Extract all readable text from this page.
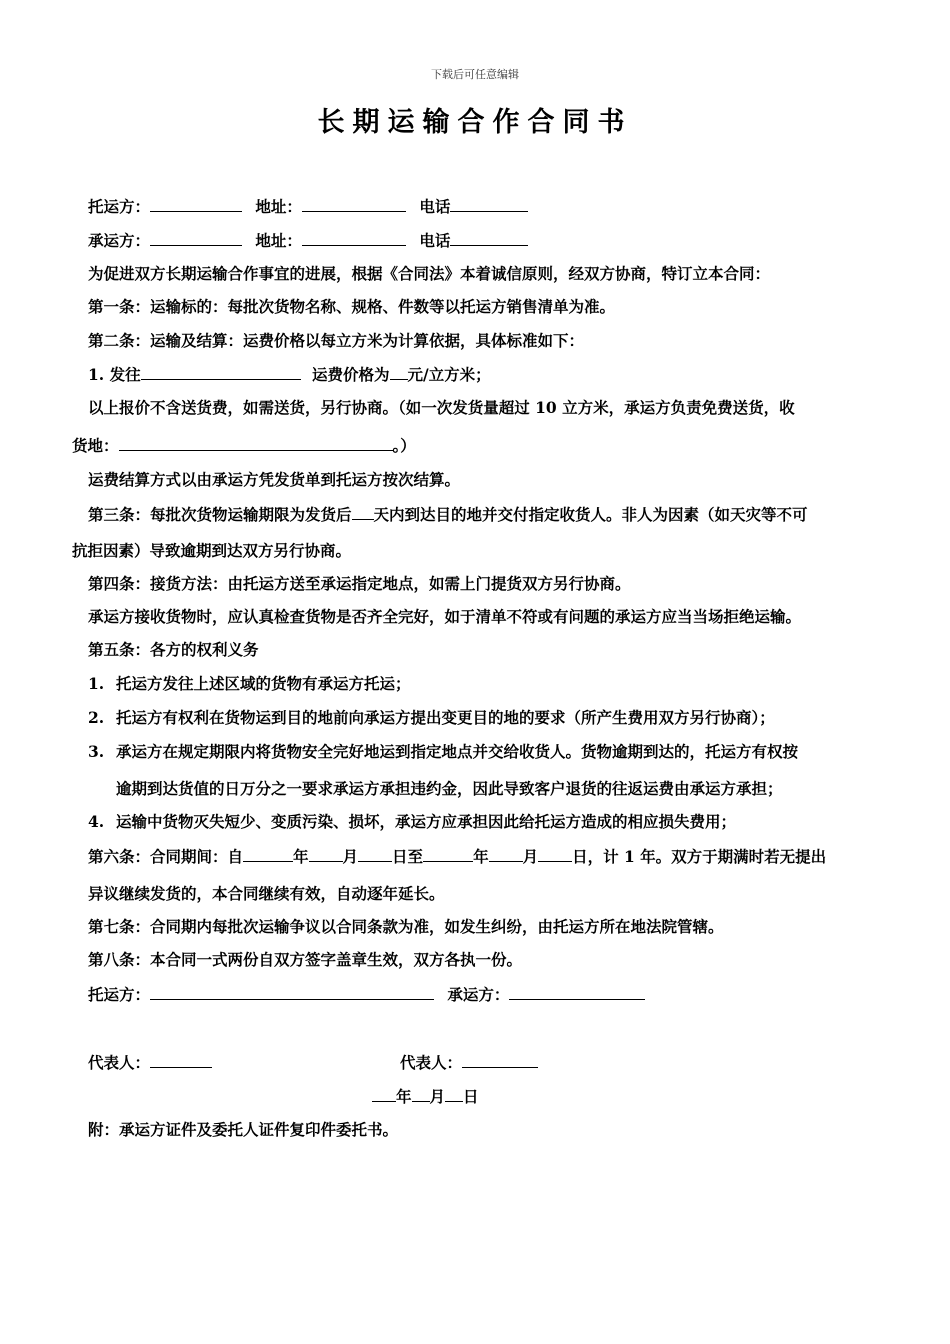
下载后可任意编辑
长期运输合作合同书
托运方：	地址：	电话
承运方：	地址：	电话
为促进双方长期运输合作事宜的进展，根据《合同法》本着诚信原则，经双方协商，特订立本合同：
第一条：运输标的：每批次货物名称、规格、件数等以托运方销售清单为准。
第二条：运输及结算：运费价格以每立方米为计算依据，具体标准如下：
1. 发往	运费价格为 元/立方米；
以上报价不含送货费，如需送货，另行协商。（如一次发货量超过 10 立方米，承运方负责免费送货，收
货地：	。）
运费结算方式以由承运方凭发货单到托运方按次结算。
第三条：每批次货物运输期限为发货后 天内到达目的地并交付指定收货人。非人为因素（如天灾等不可
抗拒因素）导致逾期到达双方另行协商。
第四条：接货方法：由托运方送至承运指定地点，如需上门提货双方另行协商。
承运方接收货物时，应认真检查货物是否齐全完好，如于清单不符或有问题的承运方应当当场拒绝运输。
第五条：各方的权利义务
1. 托运方发往上述区域的货物有承运方托运；
2. 托运方有权利在货物运到目的地前向承运方提出变更目的地的要求（所产生费用双方另行协商）；
3. 承运方在规定期限内将货物安全完好地运到指定地点并交给收货人。货物逾期到达的，托运方有权按
逾期到达货值的日万分之一要求承运方承担违约金，因此导致客户退货的往返运费由承运方承担；
4. 运输中货物灭失短少、变质污染、损坏，承运方应承担因此给托运方造成的相应损失费用；
第六条：合同期间：自	年 月 日至	年 月 日，计 1 年。双方于期满时若无提出
异议继续发货的，本合同继续有效，自动逐年延长。
第七条：合同期内每批次运输争议以合同条款为准，如发生纠纷，由托运方所在地法院管辖。
第八条：本合同一式两份自双方签字盖章生效，双方各执一份。
托运方：	承运方：
代表人：	代表人：
年 月 日
附：承运方证件及委托人证件复印件委托书。
